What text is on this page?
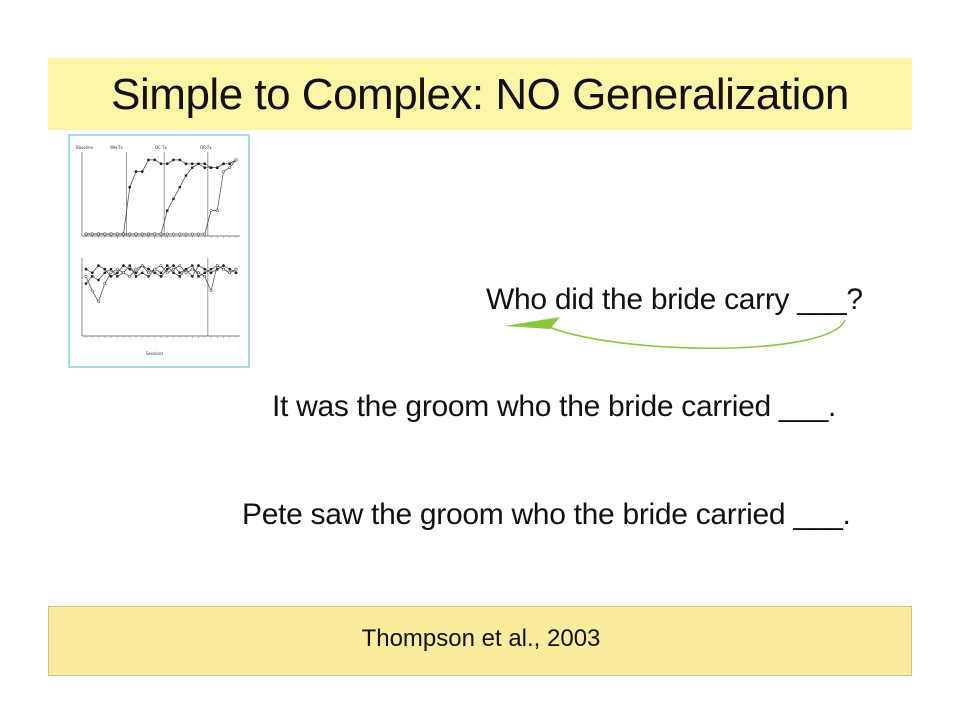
Simple to Complex: NO Generalization
Baseline	WH-Tx	OC-Tx	OR-Tx
Sessions
Who did the bride carry ___?
It was the groom who the bride carried ___.
Pete saw the groom who the bride carried ___.
Thompson et al., 2003
